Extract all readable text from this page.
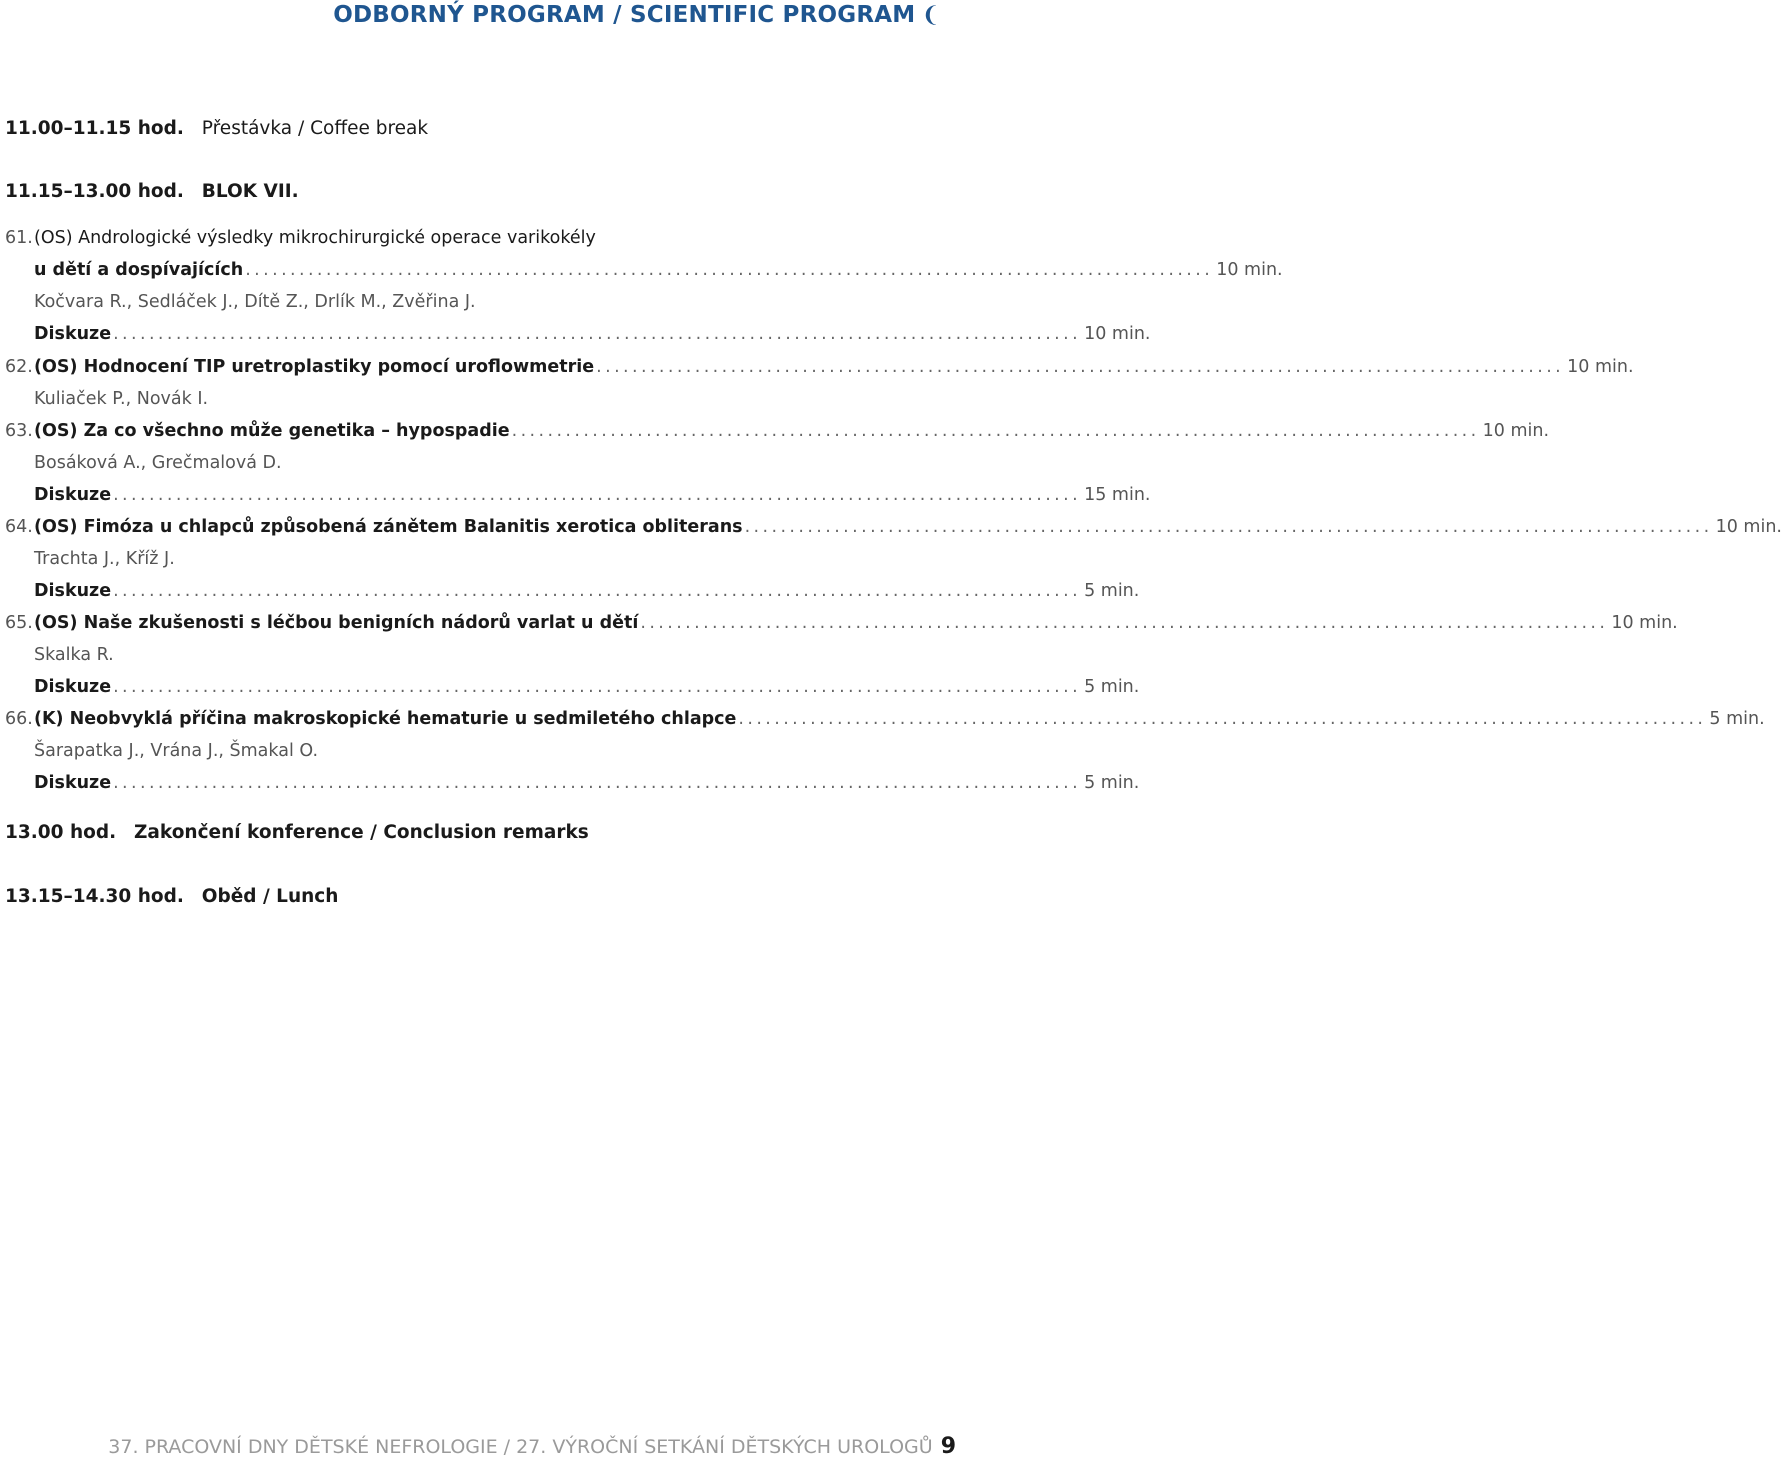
ODBORNÝ PROGRAM / SCIENTIFIC PROGRAM ❨
11.00–11.15 hod. Přestávka / Coffee break
11.15–13.00 hod. BLOK VII.
61. (OS) Andrologické výsledky mikrochirurgické operace varikokély
u dětí a dospívajících ............................................................................................................ 10 min.
Kočvara R., Sedláček J., Dítě Z., Drlík M., Zvěřina J.
Diskuze ............................................................................................................ 10 min.
62. (OS) Hodnocení TIP uretroplastiky pomocí uroflowmetrie ............................................................................................................ 10 min.
Kuliaček P., Novák I.
63. (OS) Za co všechno může genetika – hypospadie ............................................................................................................ 10 min.
Bosáková A., Grečmalová D.
Diskuze ............................................................................................................ 15 min.
64. (OS) Fimóza u chlapců způsobená zánětem Balanitis xerotica obliterans ............................................................................................................ 10 min.
Trachta J., Kříž J.
Diskuze ............................................................................................................ 5 min.
65. (OS) Naše zkušenosti s léčbou benigních nádorů varlat u dětí ............................................................................................................ 10 min.
Skalka R.
Diskuze ............................................................................................................ 5 min.
66. (K) Neobvyklá příčina makroskopické hematurie u sedmiletého chlapce ............................................................................................................ 5 min.
Šarapatka J., Vrána J., Šmakal O.
Diskuze ............................................................................................................ 5 min.
13.00 hod. Zakončení konference / Conclusion remarks
13.15–14.30 hod. Oběd / Lunch
37. PRACOVNÍ DNY DĚTSKÉ NEFROLOGIE / 27. VÝROČNÍ SETKÁNÍ DĚTSKÝCH UROLOGŮ 9
